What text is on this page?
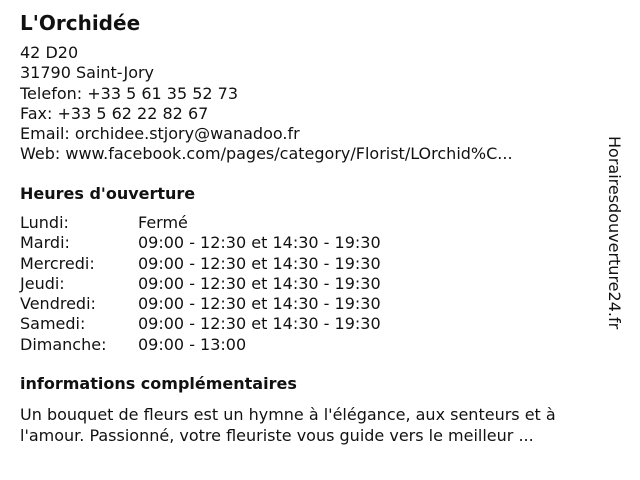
L'Orchidée
42 D20
31790 Saint-Jory
Telefon: +33 5 61 35 52 73
Fax: +33 5 62 22 82 67
Email: orchidee.stjory@wanadoo.fr
Web: www.facebook.com/pages/category/Florist/LOrchid%C...
Heures d'ouverture
Lundi:	Fermé
Mardi:	09:00 - 12:30 et 14:30 - 19:30
Mercredi:	09:00 - 12:30 et 14:30 - 19:30
Jeudi:	09:00 - 12:30 et 14:30 - 19:30
Vendredi:	09:00 - 12:30 et 14:30 - 19:30
Samedi:	09:00 - 12:30 et 14:30 - 19:30
Dimanche: 09:00 - 13:00
informations complémentaires
Un bouquet de fleurs est un hymne à l'élégance, aux senteurs et à
l'amour. Passionné, votre fleuriste vous guide vers le meilleur ...
Horairesdouverture24.fr
